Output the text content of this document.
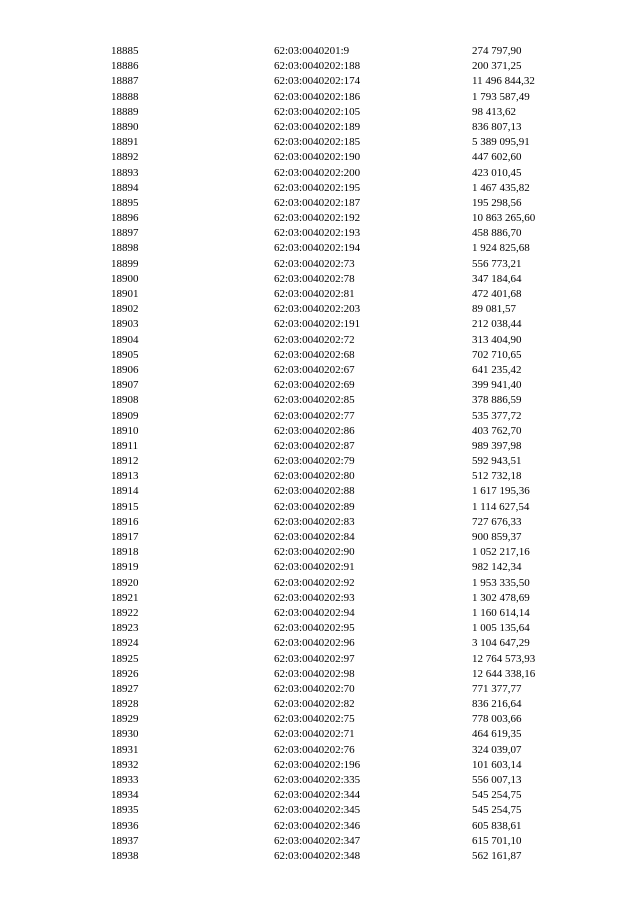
18885	62:03:0040201:9	274 797,90
18886	62:03:0040202:188	200 371,25
18887	62:03:0040202:174	11 496 844,32
18888	62:03:0040202:186	1 793 587,49
18889	62:03:0040202:105	98 413,62
18890	62:03:0040202:189	836 807,13
18891	62:03:0040202:185	5 389 095,91
18892	62:03:0040202:190	447 602,60
18893	62:03:0040202:200	423 010,45
18894	62:03:0040202:195	1 467 435,82
18895	62:03:0040202:187	195 298,56
18896	62:03:0040202:192	10 863 265,60
18897	62:03:0040202:193	458 886,70
18898	62:03:0040202:194	1 924 825,68
18899	62:03:0040202:73	556 773,21
18900	62:03:0040202:78	347 184,64
18901	62:03:0040202:81	472 401,68
18902	62:03:0040202:203	89 081,57
18903	62:03:0040202:191	212 038,44
18904	62:03:0040202:72	313 404,90
18905	62:03:0040202:68	702 710,65
18906	62:03:0040202:67	641 235,42
18907	62:03:0040202:69	399 941,40
18908	62:03:0040202:85	378 886,59
18909	62:03:0040202:77	535 377,72
18910	62:03:0040202:86	403 762,70
18911	62:03:0040202:87	989 397,98
18912	62:03:0040202:79	592 943,51
18913	62:03:0040202:80	512 732,18
18914	62:03:0040202:88	1 617 195,36
18915	62:03:0040202:89	1 114 627,54
18916	62:03:0040202:83	727 676,33
18917	62:03:0040202:84	900 859,37
18918	62:03:0040202:90	1 052 217,16
18919	62:03:0040202:91	982 142,34
18920	62:03:0040202:92	1 953 335,50
18921	62:03:0040202:93	1 302 478,69
18922	62:03:0040202:94	1 160 614,14
18923	62:03:0040202:95	1 005 135,64
18924	62:03:0040202:96	3 104 647,29
18925	62:03:0040202:97	12 764 573,93
18926	62:03:0040202:98	12 644 338,16
18927	62:03:0040202:70	771 377,77
18928	62:03:0040202:82	836 216,64
18929	62:03:0040202:75	778 003,66
18930	62:03:0040202:71	464 619,35
18931	62:03:0040202:76	324 039,07
18932	62:03:0040202:196	101 603,14
18933	62:03:0040202:335	556 007,13
18934	62:03:0040202:344	545 254,75
18935	62:03:0040202:345	545 254,75
18936	62:03:0040202:346	605 838,61
18937	62:03:0040202:347	615 701,10
18938	62:03:0040202:348	562 161,87
